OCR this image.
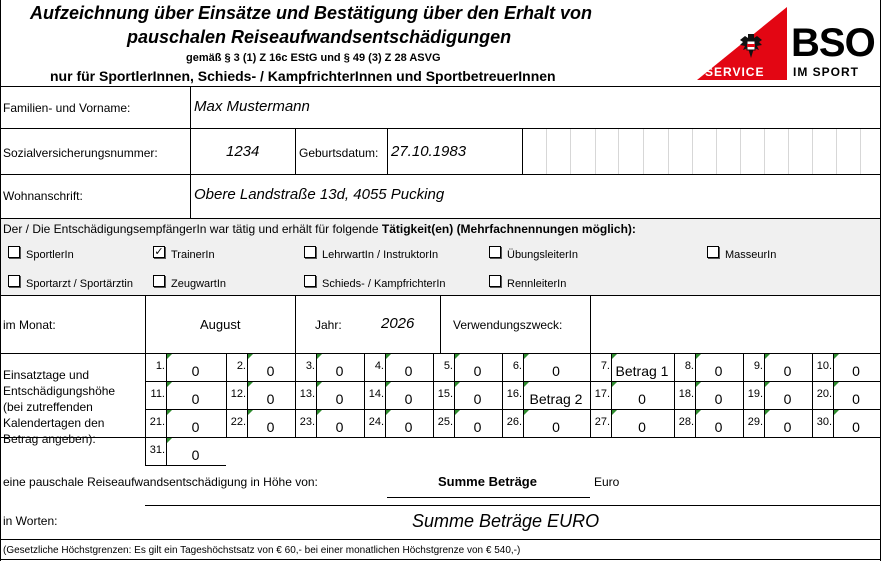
Aufzeichnung über Einsätze und Bestätigung über den Erhalt von
pauschalen Reiseaufwandsentschädigungen
gemäß § 3 (1) Z 16c EStG und § 49 (3) Z 28 ASVG
nur für SportlerInnen, Schieds- / KampfrichterInnen und SportbetreuerInnen
BSO
SERVICE IM SPORT
Familien- und Vorname:	Max Mustermann
Sozialversicherungsnummer:	1234	Geburtsdatum: 27.10.1983
Wohnanschrift:	Obere Landstraße 13d, 4055 Pucking
Der / Die EntschädigungsempfängerIn war tätig und erhält für folgende Tätigkeit(en) (Mehrfachnennungen möglich):
SportlerIn	✓ TrainerIn	LehrwartIn / InstruktorIn	ÜbungsleiterIn	MasseurIn
Sportarzt / Sportärztin	ZeugwartIn	Schieds- / KampfrichterIn	RennleiterIn
im Monat:	August	Jahr:	2026	Verwendungszweck:
Einsatztage und
Entschädigungshöhe
(bei zutreffenden
Kalendertagen den
Betrag angeben):
1.	0	2.	0	3.	0	4.	0	5.	0	6.	0	7. Betrag 1	8.	0	9.	0	10.	0
11.	0	12.	0	13.	0	14.	0	15.	0	16. Betrag 2	17.	0	18.	0	19.	0	20.	0
21.	0	22.	0	23.	0	24.	0	25.	0	26.	0	27.	0	28.	0	29.	0	30.	0
31.	0
eine pauschale Reiseaufwandsentschädigung in Höhe von:	Summe Beträge	Euro
in Worten:	Summe Beträge EURO
(Gesetzliche Höchstgrenzen: Es gilt ein Tageshöchstsatz von € 60,- bei einer monatlichen Höchstgrenze von € 540,-)
